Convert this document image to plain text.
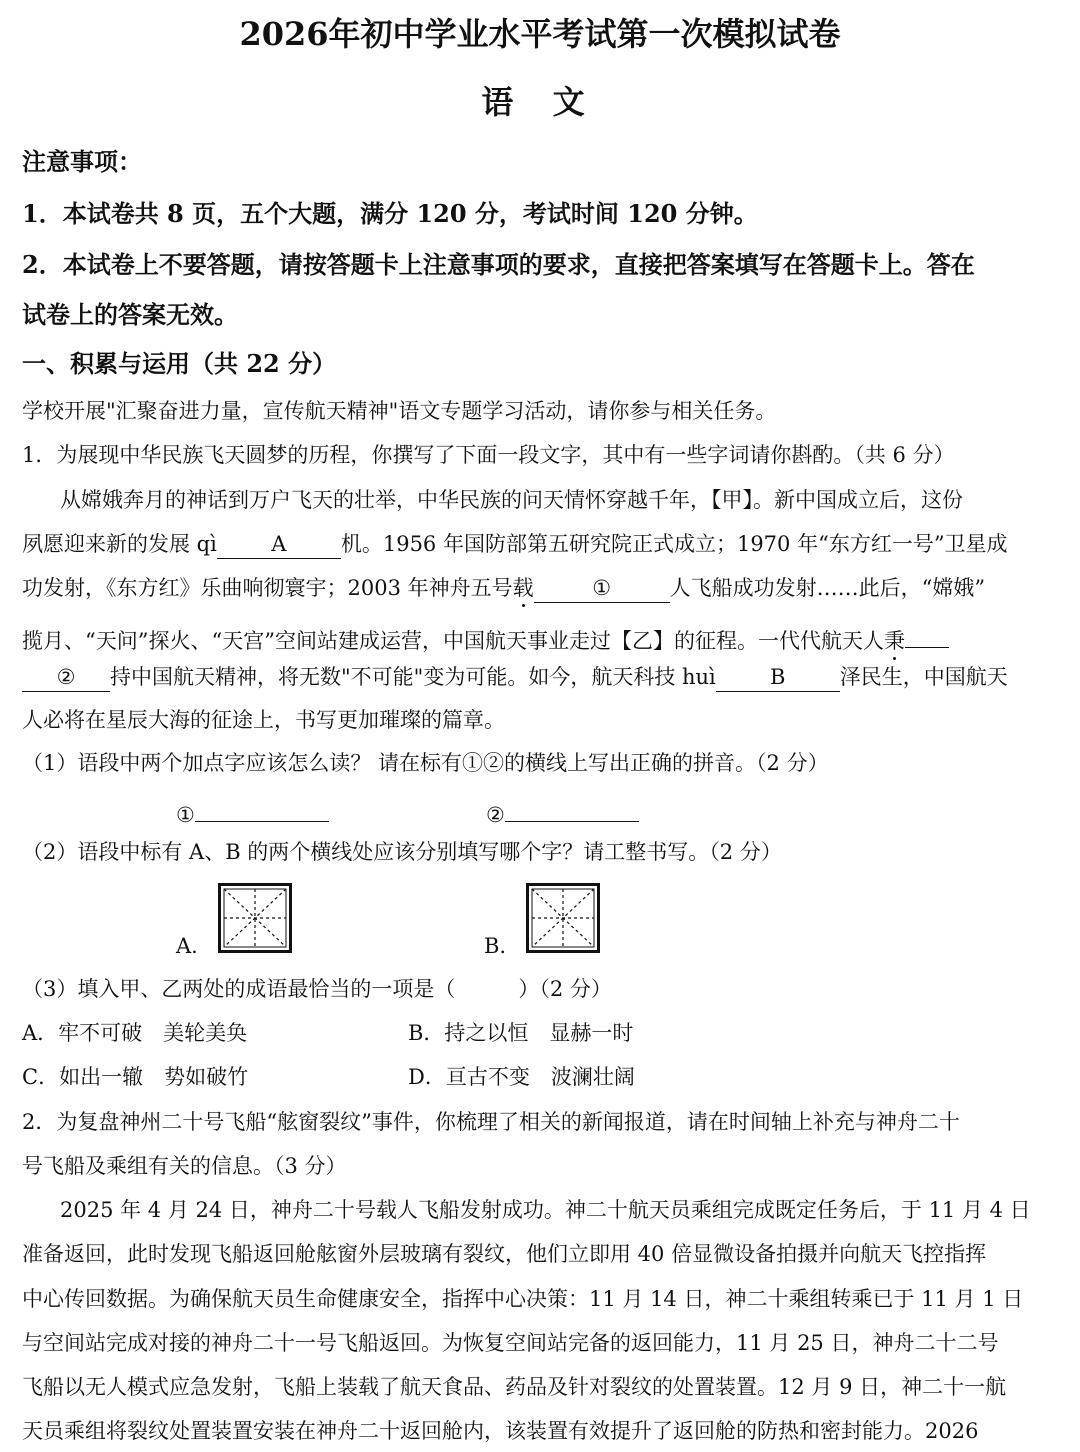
2026年初中学业水平考试第一次模拟试卷
语 文
注意事项：
1．本试卷共 8 页，五个大题，满分 120 分，考试时间 120 分钟。
2．本试卷上不要答题，请按答题卡上注意事项的要求，直接把答案填写在答题卡上。答在
试卷上的答案无效。
一、积累与运用（共 22 分）
学校开展"汇聚奋进力量，宣传航天精神"语文专题学习活动，请你参与相关任务。
1．为展现中华民族飞天圆梦的历程，你撰写了下面一段文字，其中有一些字词请你斟酌。（共 6 分）
从嫦娥奔月的神话到万户飞天的壮举，中华民族的问天情怀穿越千年，【甲】。新中国成立后，这份
夙愿迎来新的发展 qì	A	机。1956 年国防部第五研究院正式成立；1970 年“东方红一号”卫星成
功发射，《东方红》乐曲响彻寰宇；2003 年神舟五号载	①	人飞船成功发射……此后，“嫦娥”
揽月、“天问”探火、“天宫”空间站建成运营，中国航天事业走过【乙】的征程。一代代航天人秉
② 持中国航天精神，将无数"不可能"变为可能。如今，航天科技 huì	B	泽民生，中国航天
人必将在星辰大海的征途上，书写更加璀璨的篇章。
（1）语段中两个加点字应该怎么读？ 请在标有①②的横线上写出正确的拼音。（2 分）
①	②
（2）语段中标有 A、B 的两个横线处应该分别填写哪个字？请工整书写。（2 分）
A.	B.
（3）填入甲、乙两处的成语最恰当的一项是（　　　）（2 分）
A．牢不可破　美轮美奂	B．持之以恒　显赫一时
C．如出一辙　势如破竹	D．亘古不变　波澜壮阔
2．为复盘神州二十号飞船“舷窗裂纹”事件，你梳理了相关的新闻报道，请在时间轴上补充与神舟二十
号飞船及乘组有关的信息。（3 分）
2025 年 4 月 24 日，神舟二十号载人飞船发射成功。神二十航天员乘组完成既定任务后，于 11 月 4 日
准备返回，此时发现飞船返回舱舷窗外层玻璃有裂纹，他们立即用 40 倍显微设备拍摄并向航天飞控指挥
中心传回数据。为确保航天员生命健康安全，指挥中心决策：11 月 14 日，神二十乘组转乘已于 11 月 1 日
与空间站完成对接的神舟二十一号飞船返回。为恢复空间站完备的返回能力，11 月 25 日，神舟二十二号
飞船以无人模式应急发射，飞船上装载了航天食品、药品及针对裂纹的处置装置。12 月 9 日，神二十一航
天员乘组将裂纹处置装置安装在神舟二十返回舱内，该装置有效提升了返回舱的防热和密封能力。2026
